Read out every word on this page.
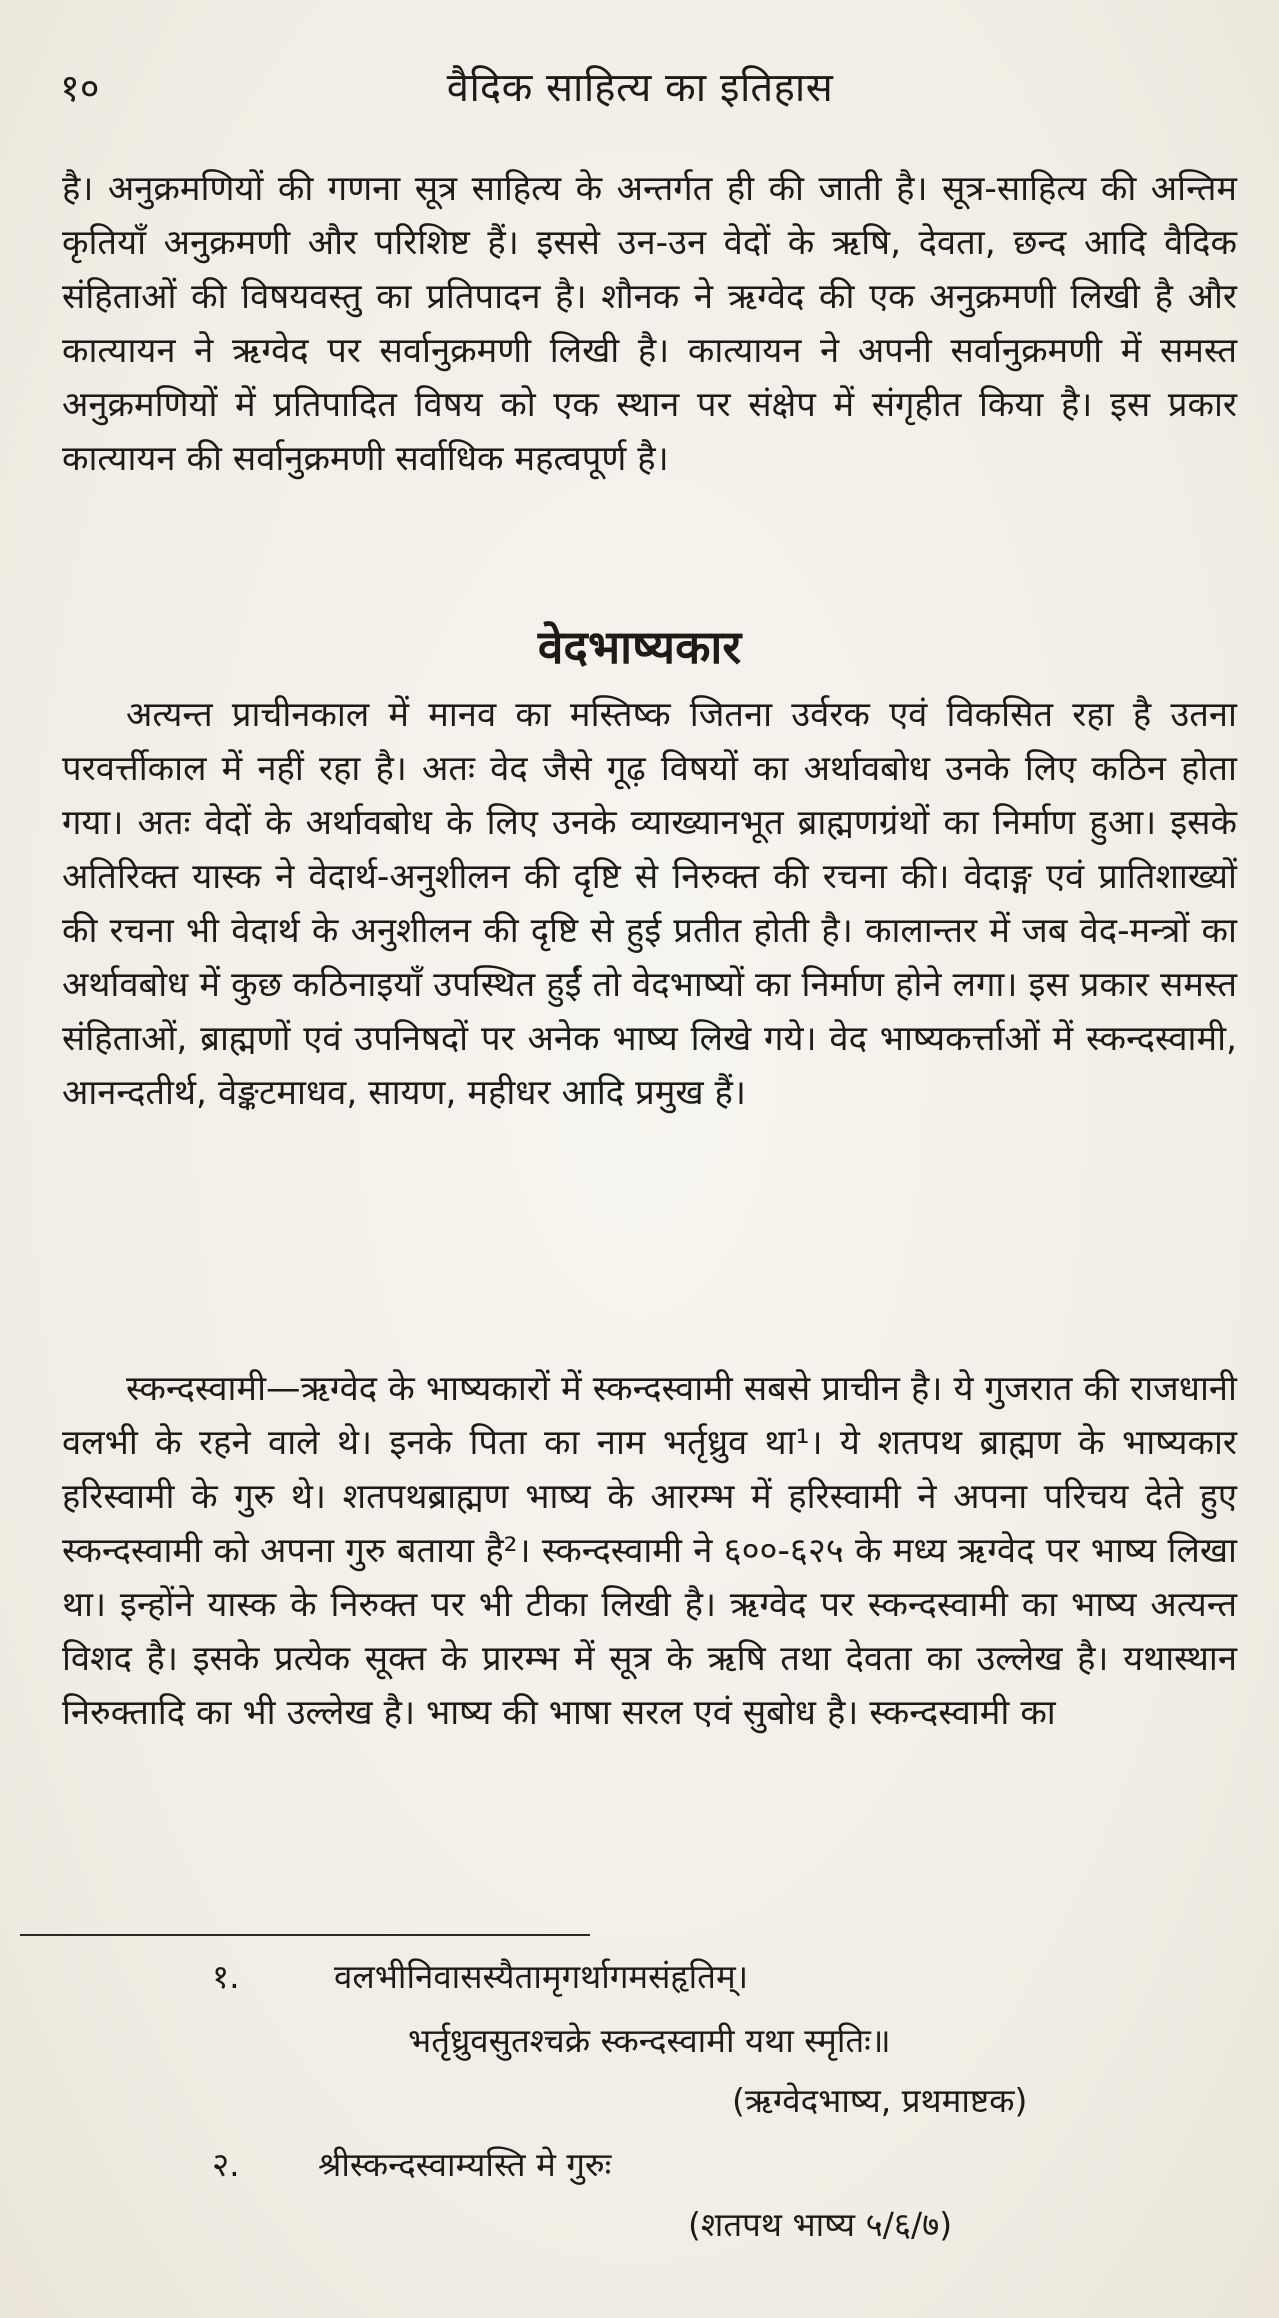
१०	वैदिक साहित्य का इतिहास

है। अनुक्रमणियों की गणना सूत्र साहित्य के अन्तर्गत ही की जाती है। सूत्र-साहित्य की अन्तिम कृतियाँ अनुक्रमणी और परिशिष्ट हैं। इससे उन-उन वेदों के ऋषि, देवता, छन्द आदि वैदिक संहिताओं की विषयवस्तु का प्रतिपादन है। शौनक ने ऋग्वेद की एक अनुक्रमणी लिखी है और कात्यायन ने ऋग्वेद पर सर्वानुक्रमणी लिखी है। कात्यायन ने अपनी सर्वानुक्रमणी में समस्त अनुक्रमणियों में प्रतिपादित विषय को एक स्थान पर संक्षेप में संगृहीत किया है। इस प्रकार कात्यायन की सर्वानुक्रमणी सर्वाधिक महत्वपूर्ण है।

वेदभाष्यकार

अत्यन्त प्राचीनकाल में मानव का मस्तिष्क जितना उर्वरक एवं विकसित रहा है उतना परवर्त्तीकाल में नहीं रहा है। अतः वेद जैसे गूढ़ विषयों का अर्थावबोध उनके लिए कठिन होता गया। अतः वेदों के अर्थावबोध के लिए उनके व्याख्यानभूत ब्राह्मणग्रंथों का निर्माण हुआ। इसके अतिरिक्त यास्क ने वेदार्थ-अनुशीलन की दृष्टि से निरुक्त की रचना की। वेदाङ्ग एवं प्रातिशाख्यों की रचना भी वेदार्थ के अनुशीलन की दृष्टि से हुई प्रतीत होती है। कालान्तर में जब वेद-मन्त्रों का अर्थावबोध में कुछ कठिनाइयाँ उपस्थित हुईं तो वेदभाष्यों का निर्माण होने लगा। इस प्रकार समस्त संहिताओं, ब्राह्मणों एवं उपनिषदों पर अनेक भाष्य लिखे गये। वेद भाष्यकर्त्ताओं में स्कन्दस्वामी, आनन्दतीर्थ, वेङ्कटमाधव, सायण, महीधर आदि प्रमुख हैं।

स्कन्दस्वामी—ऋग्वेद के भाष्यकारों में स्कन्दस्वामी सबसे प्राचीन है। ये गुजरात की राजधानी वलभी के रहने वाले थे। इनके पिता का नाम भर्तृध्रुव था¹। ये शतपथ ब्राह्मण के भाष्यकार हरिस्वामी के गुरु थे। शतपथब्राह्मण भाष्य के आरम्भ में हरिस्वामी ने अपना परिचय देते हुए स्कन्दस्वामी को अपना गुरु बताया है²। स्कन्दस्वामी ने ६००-६२५ के मध्य ऋग्वेद पर भाष्य लिखा था। इन्होंने यास्क के निरुक्त पर भी टीका लिखी है। ऋग्वेद पर स्कन्दस्वामी का भाष्य अत्यन्त विशद है। इसके प्रत्येक सूक्त के प्रारम्भ में सूत्र के ऋषि तथा देवता का उल्लेख है। यथास्थान निरुक्तादि का भी उल्लेख है। भाष्य की भाषा सरल एवं सुबोध है। स्कन्दस्वामी का

१.	वलभीनिवासस्यैतामृगर्थागमसंहृतिम्।
भर्तृध्रुवसुतश्चक्रे स्कन्दस्वामी यथा स्मृतिः॥
(ऋग्वेदभाष्य, प्रथमाष्टक)
२. श्रीस्कन्दस्वाम्यस्ति मे गुरुः
(शतपथ भाष्य ५/६/७)
